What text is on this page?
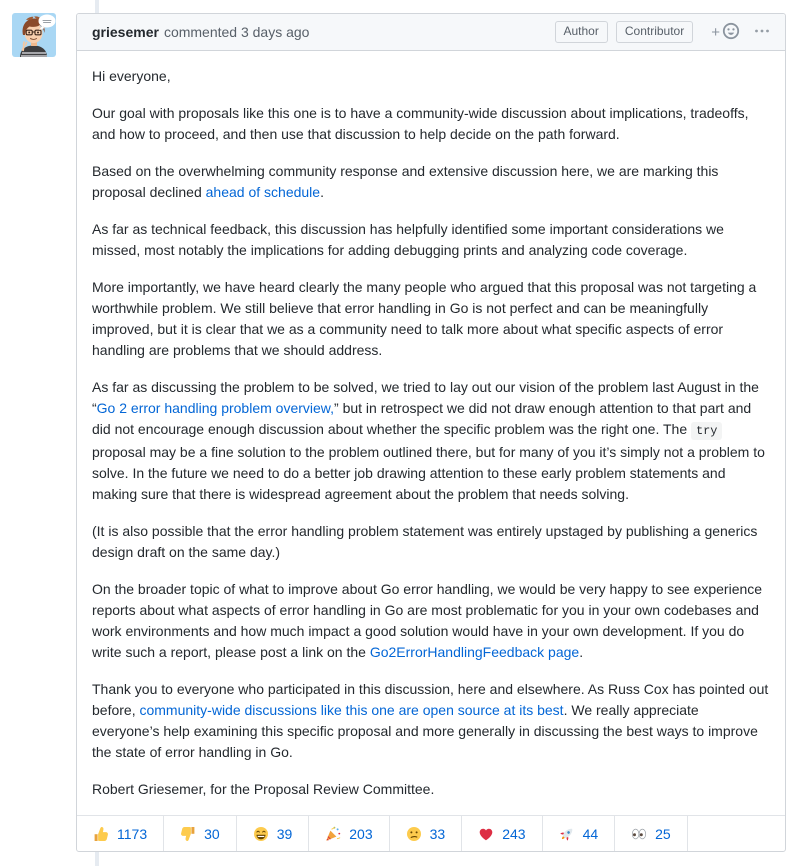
griesemer commented 3 days ago	Author	Contributor	+

Hi everyone,

Our goal with proposals like this one is to have a community-wide discussion about implications, tradeoffs, and how to proceed, and then use that discussion to help decide on the path forward.

Based on the overwhelming community response and extensive discussion here, we are marking this proposal declined ahead of schedule.

As far as technical feedback, this discussion has helpfully identified some important considerations we missed, most notably the implications for adding debugging prints and analyzing code coverage.

More importantly, we have heard clearly the many people who argued that this proposal was not targeting a worthwhile problem. We still believe that error handling in Go is not perfect and can be meaningfully improved, but it is clear that we as a community need to talk more about what specific aspects of error handling are problems that we should address.

As far as discussing the problem to be solved, we tried to lay out our vision of the problem last August in the “Go 2 error handling problem overview,” but in retrospect we did not draw enough attention to that part and did not encourage enough discussion about whether the specific problem was the right one. The try proposal may be a fine solution to the problem outlined there, but for many of you it’s simply not a problem to solve. In the future we need to do a better job drawing attention to these early problem statements and making sure that there is widespread agreement about the problem that needs solving.

(It is also possible that the error handling problem statement was entirely upstaged by publishing a generics design draft on the same day.)

On the broader topic of what to improve about Go error handling, we would be very happy to see experience reports about what aspects of error handling in Go are most problematic for you in your own codebases and work environments and how much impact a good solution would have in your own development. If you do write such a report, please post a link on the Go2ErrorHandlingFeedback page.

Thank you to everyone who participated in this discussion, here and elsewhere. As Russ Cox has pointed out before, community-wide discussions like this one are open source at its best. We really appreciate everyone’s help examining this specific proposal and more generally in discussing the best ways to improve the state of error handling in Go.

Robert Griesemer, for the Proposal Review Committee.

1173	30	39	203	33	243	44	25
